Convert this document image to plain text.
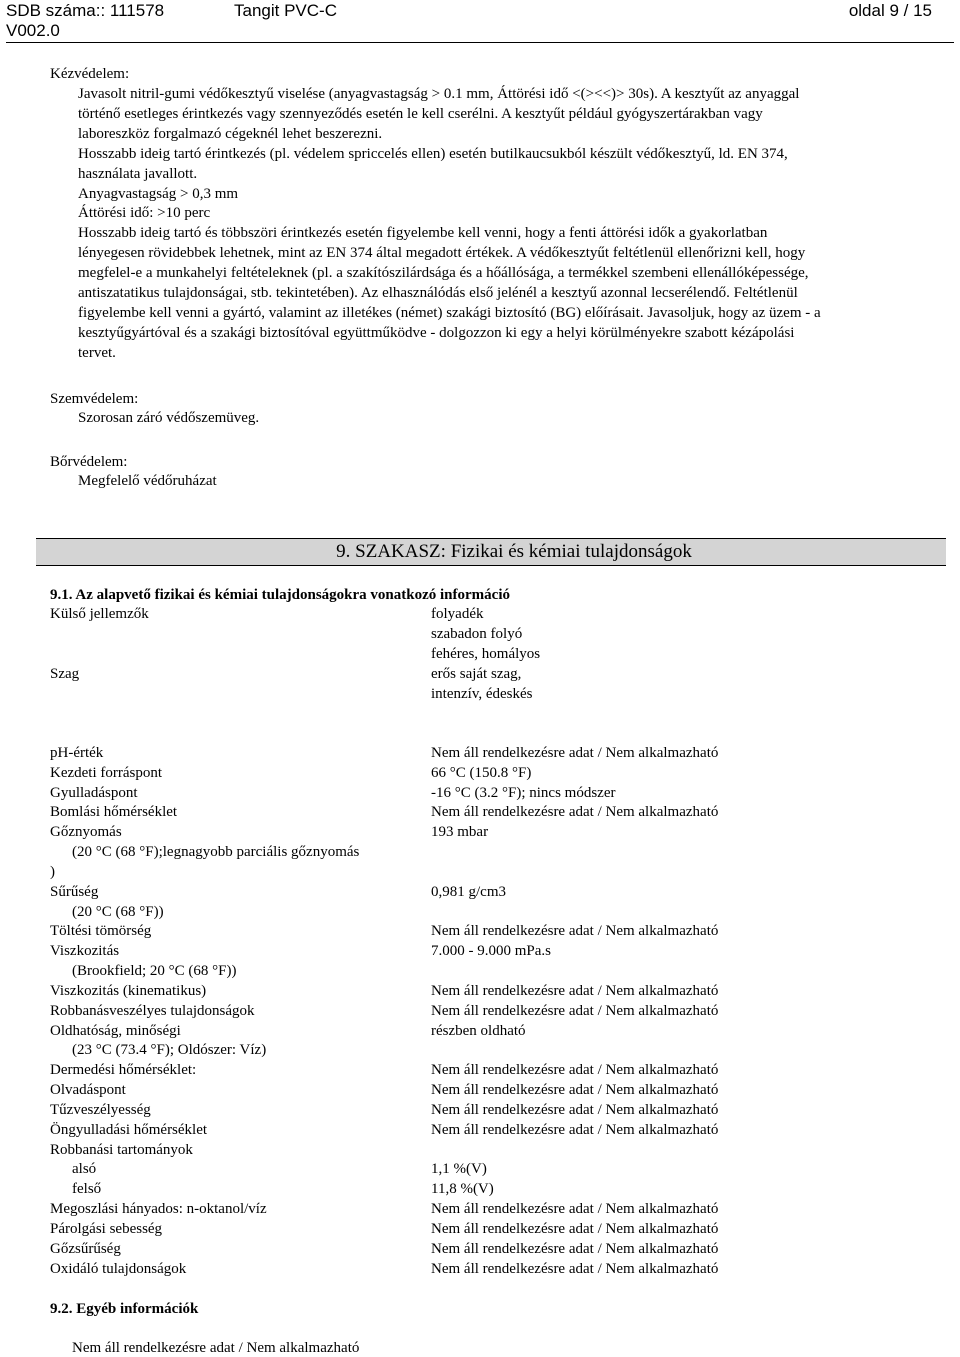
SDB száma:: 111578	Tangit PVC-C	oldal 9 / 15
V002.0
Kézvédelem:
Javasolt nitril-gumi védőkesztyű viselése (anyagvastagság > 0.1 mm, Áttörési idő <(><<)> 30s). A kesztyűt az anyaggal
történő esetleges érintkezés vagy szennyeződés esetén le kell cserélni. A kesztyűt például gyógyszertárakban vagy
laboreszköz forgalmazó cégeknél lehet beszerezni.
Hosszabb ideig tartó érintkezés (pl. védelem spriccelés ellen) esetén butilkaucsukból készült védőkesztyű, ld. EN 374,
használata javallott.
Anyagvastagság > 0,3 mm
Áttörési idő: >10 perc
Hosszabb ideig tartó és többszöri érintkezés esetén figyelembe kell venni, hogy a fenti áttörési idők a gyakorlatban
lényegesen rövidebbek lehetnek, mint az EN 374 által megadott értékek. A védőkesztyűt feltétlenül ellenőrizni kell, hogy
megfelel-e a munkahelyi feltételeknek (pl. a szakítószilárdsága és a hőállósága, a termékkel szembeni ellenállóképessége,
antiszatatikus tulajdonságai, stb. tekintetében). Az elhasználódás első jelénél a kesztyű azonnal lecserélendő. Feltétlenül
figyelembe kell venni a gyártó, valamint az illetékes (német) szakági biztosító (BG) előírásait. Javasoljuk, hogy az üzem - a
kesztyűgyártóval és a szakági biztosítóval együttműködve - dolgozzon ki egy a helyi körülményekre szabott kézápolási
tervet.
Szemvédelem:
Szorosan záró védőszemüveg.
Bőrvédelem:
Megfelelő védőruházat
9. SZAKASZ: Fizikai és kémiai tulajdonságok
9.1. Az alapvető fizikai és kémiai tulajdonságokra vonatkozó információ
Külső jellemzők	folyadék
szabadon folyó
fehéres, homályos
Szag	erős saját szag,
intenzív, édeskés
pH-érték	Nem áll rendelkezésre adat / Nem alkalmazható
Kezdeti forráspont	66 °C (150.8 °F)
Gyulladáspont	-16 °C (3.2 °F); nincs módszer
Bomlási hőmérséklet	Nem áll rendelkezésre adat / Nem alkalmazható
Gőznyomás	193 mbar
(20 °C (68 °F);legnagyobb parciális gőznyomás
)
Sűrűség	0,981 g/cm3
(20 °C (68 °F))
Töltési tömörség	Nem áll rendelkezésre adat / Nem alkalmazható
Viszkozitás	7.000 - 9.000 mPa.s
(Brookfield; 20 °C (68 °F))
Viszkozitás (kinematikus)	Nem áll rendelkezésre adat / Nem alkalmazható
Robbanásveszélyes tulajdonságok	Nem áll rendelkezésre adat / Nem alkalmazható
Oldhatóság, minőségi	részben oldható
(23 °C (73.4 °F); Oldószer: Víz)
Dermedési hőmérséklet:	Nem áll rendelkezésre adat / Nem alkalmazható
Olvadáspont	Nem áll rendelkezésre adat / Nem alkalmazható
Tűzveszélyesség	Nem áll rendelkezésre adat / Nem alkalmazható
Öngyulladási hőmérséklet	Nem áll rendelkezésre adat / Nem alkalmazható
Robbanási tartományok
alsó	1,1 %(V)
felső	11,8 %(V)
Megoszlási hányados: n-oktanol/víz	Nem áll rendelkezésre adat / Nem alkalmazható
Párolgási sebesség	Nem áll rendelkezésre adat / Nem alkalmazható
Gőzsűrűség	Nem áll rendelkezésre adat / Nem alkalmazható
Oxidáló tulajdonságok	Nem áll rendelkezésre adat / Nem alkalmazható
9.2. Egyéb információk
Nem áll rendelkezésre adat / Nem alkalmazható
